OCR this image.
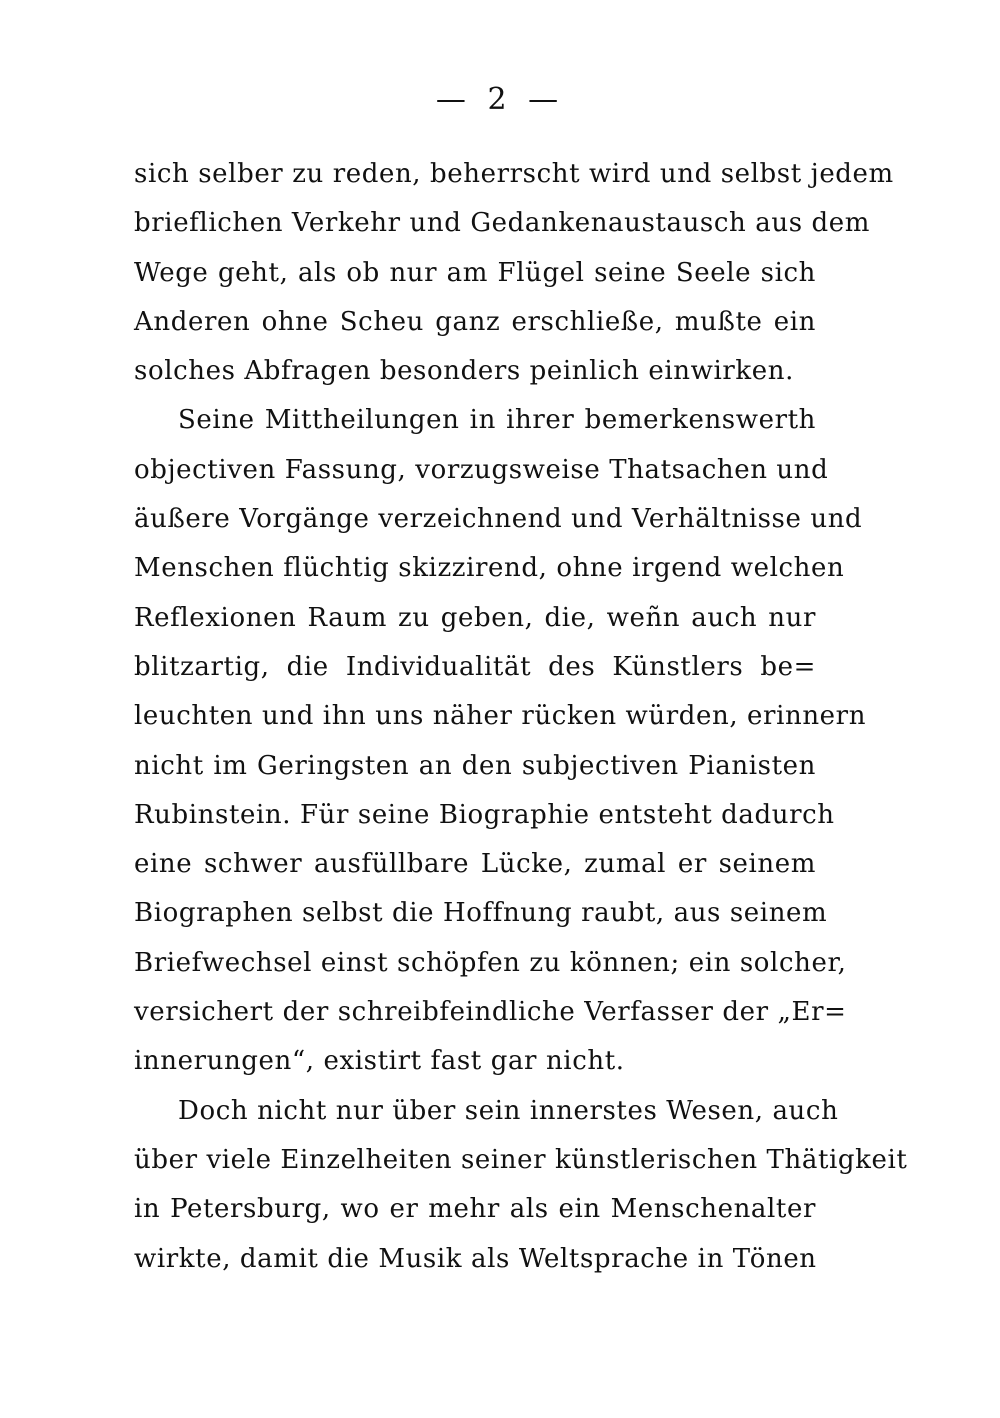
— 2 —

sich selber zu reden, beherrscht wird und selbst jedem
brieflichen Verkehr und Gedankenaustausch aus dem
Wege geht, als ob nur am Flügel seine Seele sich
Anderen ohne Scheu ganz erschließe, mußte ein
solches Abfragen besonders peinlich einwirken.
Seine Mittheilungen in ihrer bemerkenswerth
objectiven Fassung, vorzugsweise Thatsachen und
äußere Vorgänge verzeichnend und Verhältnisse und
Menschen flüchtig skizzirend, ohne irgend welchen
Reflexionen Raum zu geben, die, weñn auch nur
blitzartig, die Individualität des Künstlers be=
leuchten und ihn uns näher rücken würden, erinnern
nicht im Geringsten an den subjectiven Pianisten
Rubinstein. Für seine Biographie entsteht dadurch
eine schwer ausfüllbare Lücke, zumal er seinem
Biographen selbst die Hoffnung raubt, aus seinem
Briefwechsel einst schöpfen zu können; ein solcher,
versichert der schreibfeindliche Verfasser der „Er=
innerungen“, existirt fast gar nicht.
Doch nicht nur über sein innerstes Wesen, auch
über viele Einzelheiten seiner künstlerischen Thätigkeit
in Petersburg, wo er mehr als ein Menschenalter
wirkte, damit die Musik als Weltsprache in Tönen
